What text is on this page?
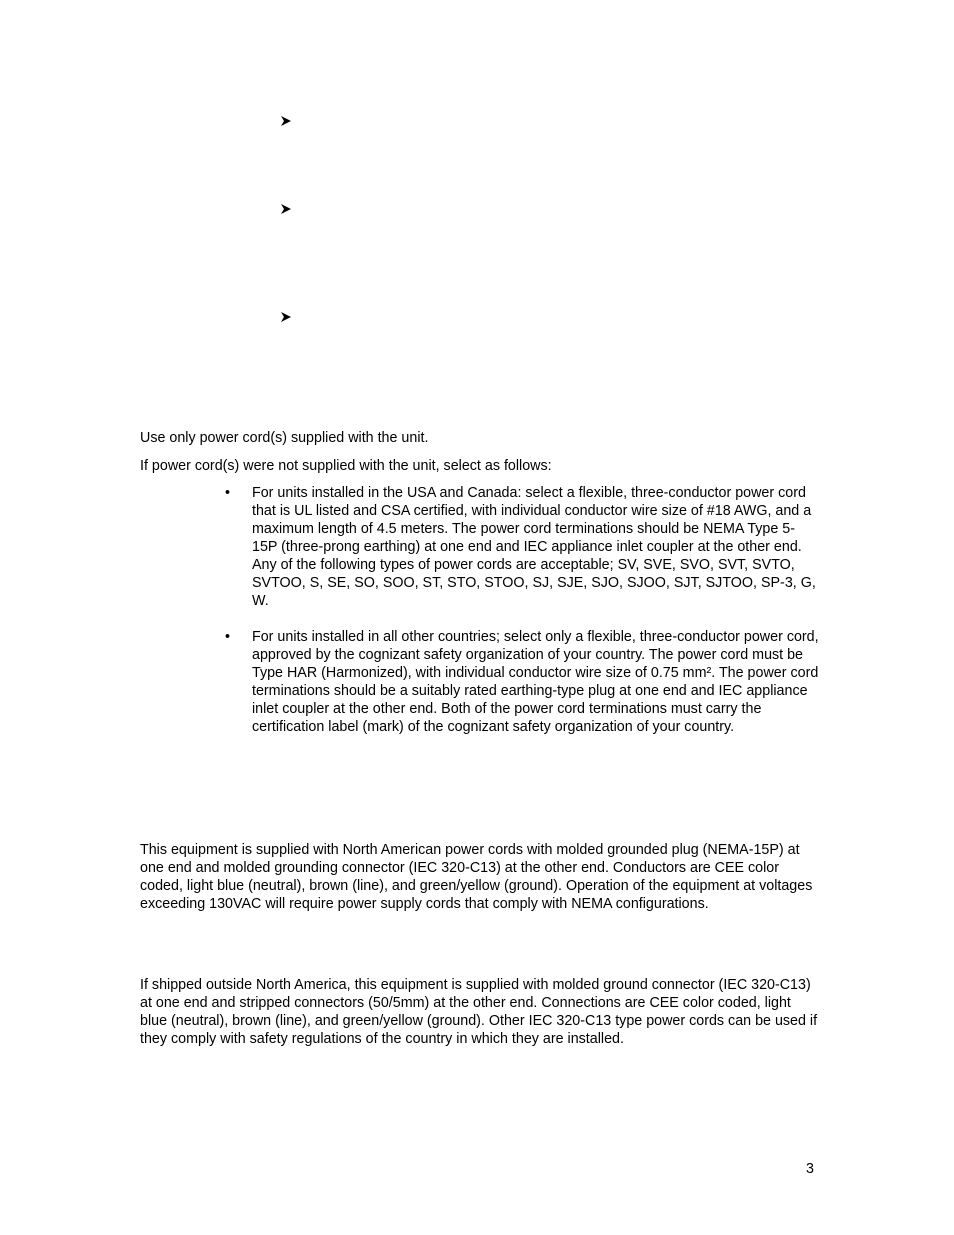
Use only power cord(s) supplied with the unit.

If power cord(s) were not supplied with the unit, select as follows:

• For units installed in the USA and Canada: select a flexible, three-conductor power cord that is UL listed and CSA certified, with individual conductor wire size of #18 AWG, and a maximum length of 4.5 meters. The power cord terminations should be NEMA Type 5-15P (three-prong earthing) at one end and IEC appliance inlet coupler at the other end. Any of the following types of power cords are acceptable; SV, SVE, SVO, SVT, SVTO, SVTOO, S, SE, SO, SOO, ST, STO, STOO, SJ, SJE, SJO, SJOO, SJT, SJTOO, SP-3, G, W.
• For units installed in all other countries; select only a flexible, three-conductor power cord, approved by the cognizant safety organization of your country. The power cord must be Type HAR (Harmonized), with individual conductor wire size of 0.75 mm². The power cord terminations should be a suitably rated earthing-type plug at one end and IEC appliance inlet coupler at the other end. Both of the power cord terminations must carry the certification label (mark) of the cognizant safety organization of your country.

This equipment is supplied with North American power cords with molded grounded plug (NEMA-15P) at one end and molded grounding connector (IEC 320-C13) at the other end. Conductors are CEE color coded, light blue (neutral), brown (line), and green/yellow (ground). Operation of the equipment at voltages exceeding 130VAC will require power supply cords that comply with NEMA configurations.

If shipped outside North America, this equipment is supplied with molded ground connector (IEC 320-C13) at one end and stripped connectors (50/5mm) at the other end. Connections are CEE color coded, light blue (neutral), brown (line), and green/yellow (ground). Other IEC 320-C13 type power cords can be used if they comply with safety regulations of the country in which they are installed.

3
